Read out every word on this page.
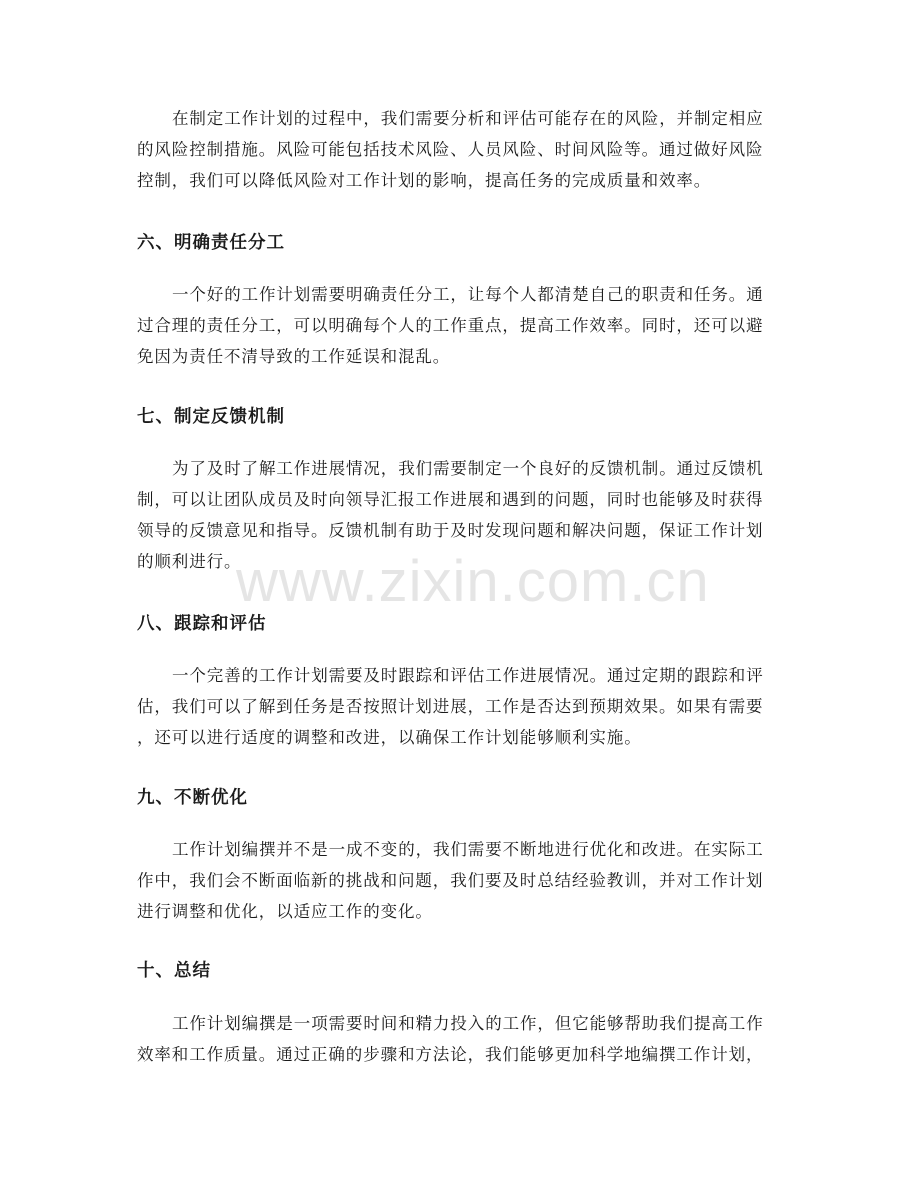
在制定工作计划的过程中，我们需要分析和评估可能存在的风险，并制定相应
的风险控制措施。风险可能包括技术风险、人员风险、时间风险等。通过做好风险
控制，我们可以降低风险对工作计划的影响，提高任务的完成质量和效率。

六、明确责任分工

一个好的工作计划需要明确责任分工，让每个人都清楚自己的职责和任务。通
过合理的责任分工，可以明确每个人的工作重点，提高工作效率。同时，还可以避
免因为责任不清导致的工作延误和混乱。

七、制定反馈机制

为了及时了解工作进展情况，我们需要制定一个良好的反馈机制。通过反馈机
制，可以让团队成员及时向领导汇报工作进展和遇到的问题，同时也能够及时获得
领导的反馈意见和指导。反馈机制有助于及时发现问题和解决问题，保证工作计划
的顺利进行。

八、跟踪和评估

一个完善的工作计划需要及时跟踪和评估工作进展情况。通过定期的跟踪和评
估，我们可以了解到任务是否按照计划进展，工作是否达到预期效果。如果有需要
，还可以进行适度的调整和改进，以确保工作计划能够顺利实施。

九、不断优化

工作计划编撰并不是一成不变的，我们需要不断地进行优化和改进。在实际工
作中，我们会不断面临新的挑战和问题，我们要及时总结经验教训，并对工作计划
进行调整和优化，以适应工作的变化。

十、总结

工作计划编撰是一项需要时间和精力投入的工作，但它能够帮助我们提高工作
效率和工作质量。通过正确的步骤和方法论，我们能够更加科学地编撰工作计划，

www.zixin.com.cn
